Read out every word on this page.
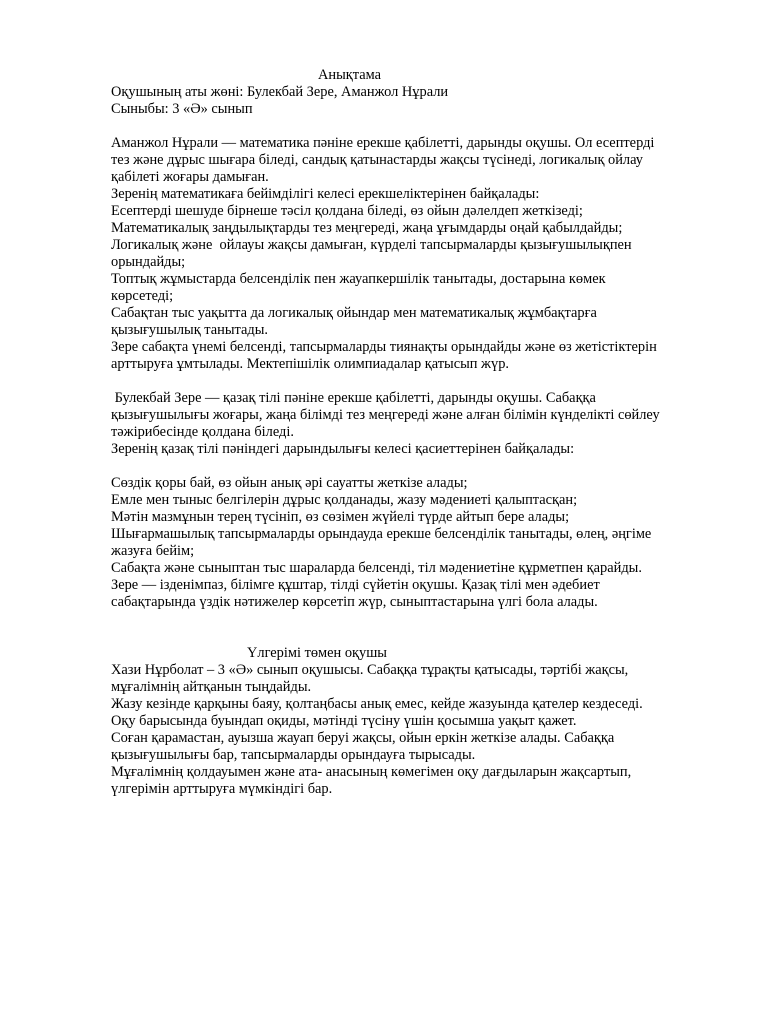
Анықтама
Оқушының аты жөні: Булекбай Зере, Аманжол Нұрали
Сыныбы: 3 «Ә» сынып
Аманжол Нұрали — математика пәніне ерекше қабілетті, дарынды оқушы. Ол есептерді
тез және дұрыс шығара біледі, сандық қатынастарды жақсы түсінеді, логикалық ойлау
қабілеті жоғары дамыған.
Зеренің математикаға бейімділігі келесі ерекшеліктерінен байқалады:
Есептерді шешуде бірнеше тәсіл қолдана біледі, өз ойын дәлелдеп жеткізеді;
Математикалық заңдылықтарды тез меңгереді, жаңа ұғымдарды оңай қабылдайды;
Логикалық және  ойлауы жақсы дамыған, күрделі тапсырмаларды қызығушылықпен
орындайды;
Топтық жұмыстарда белсенділік пен жауапкершілік танытады, достарына көмек
көрсетеді;
Сабақтан тыс уақытта да логикалық ойындар мен математикалық жұмбақтарға
қызығушылық танытады.
Зере сабақта үнемі белсенді, тапсырмаларды тиянақты орындайды және өз жетістіктерін
арттыруға ұмтылады. Мектепішілік олимпиадалар қатысып жүр.
Булекбай Зере — қазақ тілі пәніне ерекше қабілетті, дарынды оқушы. Сабаққа
қызығушылығы жоғары, жаңа білімді тез меңгереді және алған білімін күнделікті сөйлеу
тәжірибесінде қолдана біледі.
Зеренің қазақ тілі пәніндегі дарындылығы келесі қасиеттерінен байқалады:
Сөздік қоры бай, өз ойын анық әрі сауатты жеткізе алады;
Емле мен тыныс белгілерін дұрыс қолданады, жазу мәдениеті қалыптасқан;
Мәтін мазмұнын терең түсініп, өз сөзімен жүйелі түрде айтып бере алады;
Шығармашылық тапсырмаларды орындауда ерекше белсенділік танытады, өлең, әңгіме
жазуға бейім;
Сабақта және сыныптан тыс шараларда белсенді, тіл мәдениетіне құрметпен қарайды.
Зере — ізденімпаз, білімге құштар, тілді сүйетін оқушы. Қазақ тілі мен әдебиет
сабақтарында үздік нәтижелер көрсетіп жүр, сыныптастарына үлгі бола алады.
Үлгерімі төмен оқушы
Хази Нұрболат – 3 «Ә» сынып оқушысы. Сабаққа тұрақты қатысады, тәртібі жақсы,
мұғалімнің айтқанын тыңдайды.
Жазу кезінде қарқыны баяу, қолтаңбасы анық емес, кейде жазуында қателер кездеседі.
Оқу барысында буындап оқиды, мәтінді түсіну үшін қосымша уақыт қажет.
Соған қарамастан, ауызша жауап беруі жақсы, ойын еркін жеткізе алады. Сабаққа
қызығушылығы бар, тапсырмаларды орындауға тырысады.
Мұғалімнің қолдауымен және ата- анасының көмегімен оқу дағдыларын жақсартып,
үлгерімін арттыруға мүмкіндігі бар.
